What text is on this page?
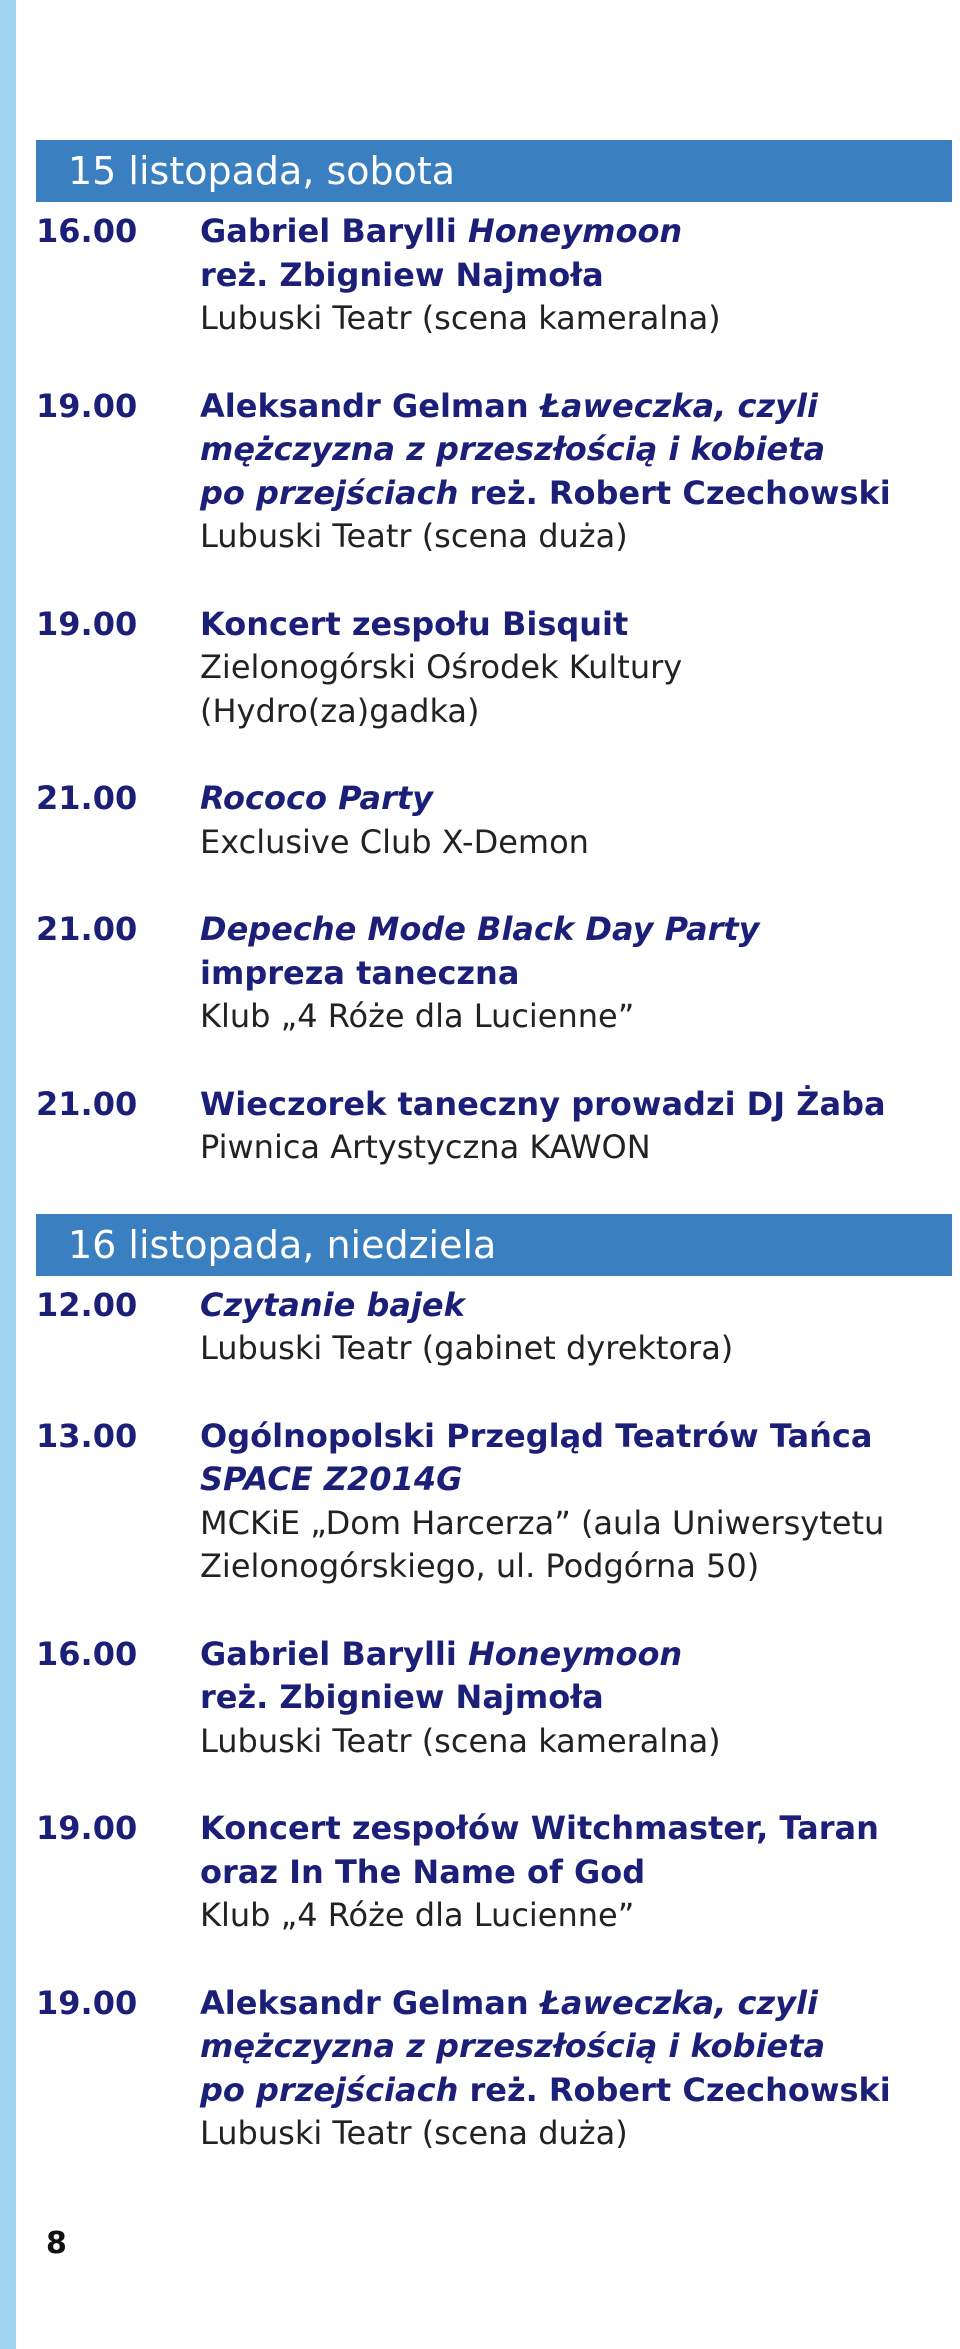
15 listopada, sobota
16.00	Gabriel Barylli Honeymoon
reż. Zbigniew Najmoła
Lubuski Teatr (scena kameralna)
19.00	Aleksandr Gelman Ławeczka, czyli
mężczyzna z przeszłością i kobieta
po przejściach reż. Robert Czechowski
Lubuski Teatr (scena duża)
19.00	Koncert zespołu Bisquit
Zielonogórski Ośrodek Kultury
(Hydro(za)gadka)
21.00	Rococo Party
Exclusive Club X-Demon
21.00	Depeche Mode Black Day Party
impreza taneczna
Klub „4 Róże dla Lucienne”
21.00	Wieczorek taneczny prowadzi DJ Żaba
Piwnica Artystyczna KAWON
16 listopada, niedziela
12.00	Czytanie bajek
Lubuski Teatr (gabinet dyrektora)
13.00	Ogólnopolski Przegląd Teatrów Tańca
SPACE Z2014G
MCKiE „Dom Harcerza” (aula Uniwersytetu
Zielonogórskiego, ul. Podgórna 50)
16.00	Gabriel Barylli Honeymoon
reż. Zbigniew Najmoła
Lubuski Teatr (scena kameralna)
19.00	Koncert zespołów Witchmaster, Taran
oraz In The Name of God
Klub „4 Róże dla Lucienne”
19.00	Aleksandr Gelman Ławeczka, czyli
mężczyzna z przeszłością i kobieta
po przejściach reż. Robert Czechowski
Lubuski Teatr (scena duża)
8
